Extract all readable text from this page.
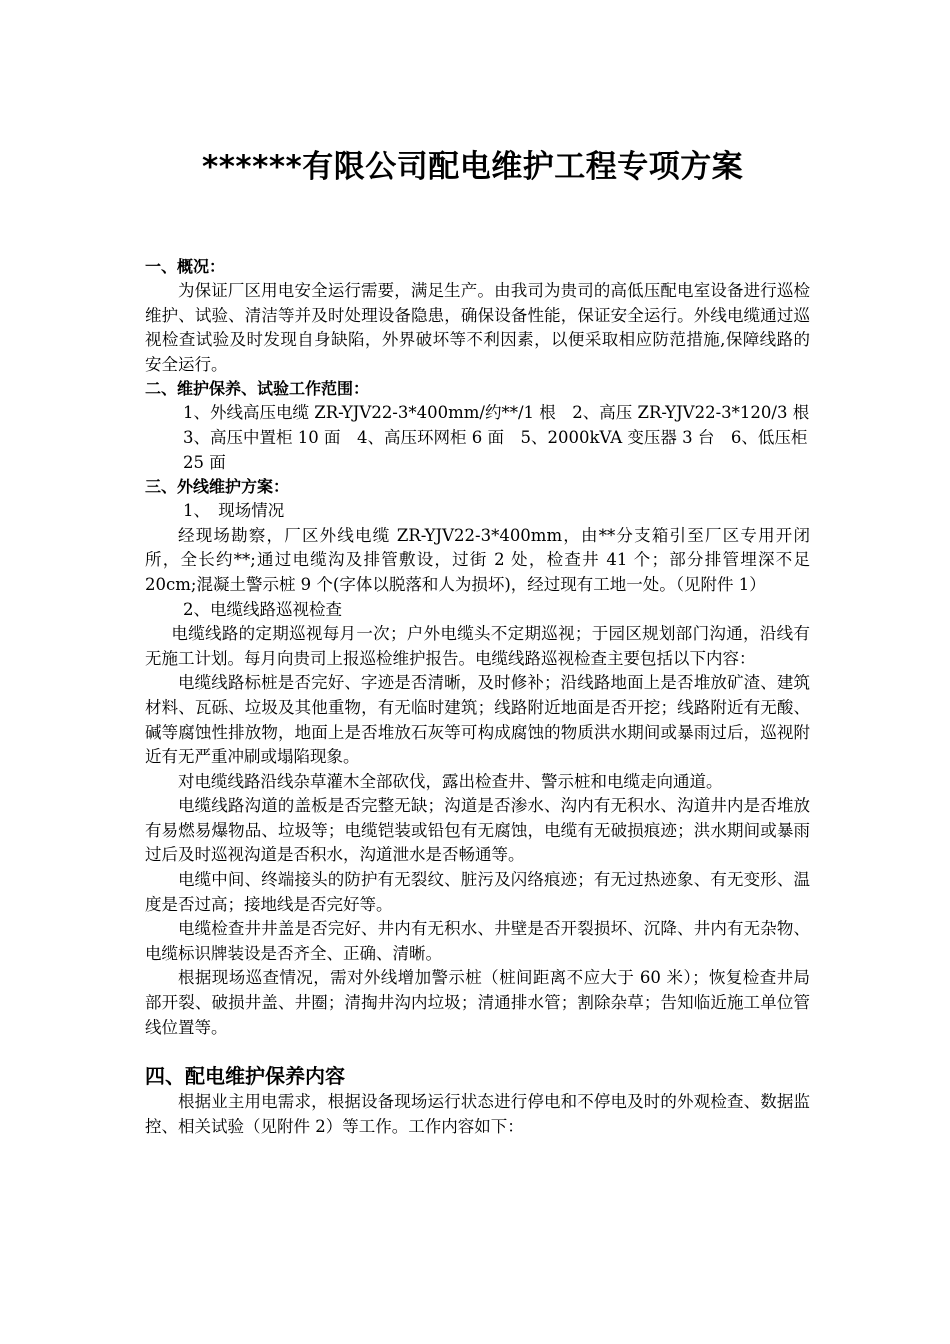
******有限公司配电维护工程专项方案
一、概况：

为保证厂区用电安全运行需要，满足生产。由我司为贵司的高低压配电室设备进行巡检维护、试验、清洁等并及时处理设备隐患，确保设备性能，保证安全运行。外线电缆通过巡视检查试验及时发现自身缺陷，外界破坏等不利因素，以便采取相应防范措施,保障线路的安全运行。

二、维护保养、试验工作范围：
1、外线高压电缆 ZR-YJV22-3*400mm/约**/1 根　2、高压 ZR-YJV22-3*120/3 根　3、高压中置柜 10 面　4、高压环网柜 6 面　5、2000kVA 变压器 3 台　6、低压柜 25 面
三、外线维护方案：

1、　现场情况

经现场勘察，厂区外线电缆 ZR-YJV22-3*400mm，由**分支箱引至厂区专用开闭所，全长约**;通过电缆沟及排管敷设，过街 2 处，检查井 41 个；部分排管埋深不足 20cm;混凝土警示桩 9 个(字体以脱落和人为损坏)，经过现有工地一处。（见附件 1）

2、电缆线路巡视检查

电缆线路的定期巡视每月一次；户外电缆头不定期巡视；于园区规划部门沟通，沿线有无施工计划。每月向贵司上报巡检维护报告。电缆线路巡视检查主要包括以下内容：

电缆线路标桩是否完好、字迹是否清晰，及时修补；沿线路地面上是否堆放矿渣、建筑材料、瓦砾、垃圾及其他重物，有无临时建筑；线路附近地面是否开挖；线路附近有无酸、碱等腐蚀性排放物，地面上是否堆放石灰等可构成腐蚀的物质洪水期间或暴雨过后，巡视附近有无严重冲刷或塌陷现象。

对电缆线路沿线杂草灌木全部砍伐，露出检查井、警示桩和电缆走向通道。

电缆线路沟道的盖板是否完整无缺；沟道是否渗水、沟内有无积水、沟道井内是否堆放有易燃易爆物品、垃圾等；电缆铠装或铅包有无腐蚀，电缆有无破损痕迹；洪水期间或暴雨过后及时巡视沟道是否积水，沟道泄水是否畅通等。

电缆中间、终端接头的防护有无裂纹、脏污及闪络痕迹；有无过热迹象、有无变形、温度是否过高；接地线是否完好等。

电缆检查井井盖是否完好、井内有无积水、井壁是否开裂损坏、沉降、井内有无杂物、电缆标识牌装设是否齐全、正确、清晰。

根据现场巡查情况，需对外线增加警示桩（桩间距离不应大于 60 米）；恢复检查井局部开裂、破损井盖、井圈；清掏井沟内垃圾；清通排水管；割除杂草；告知临近施工单位管线位置等。

四、配电维护保养内容

根据业主用电需求，根据设备现场运行状态进行停电和不停电及时的外观检查、数据监控、相关试验（见附件 2）等工作。工作内容如下：
